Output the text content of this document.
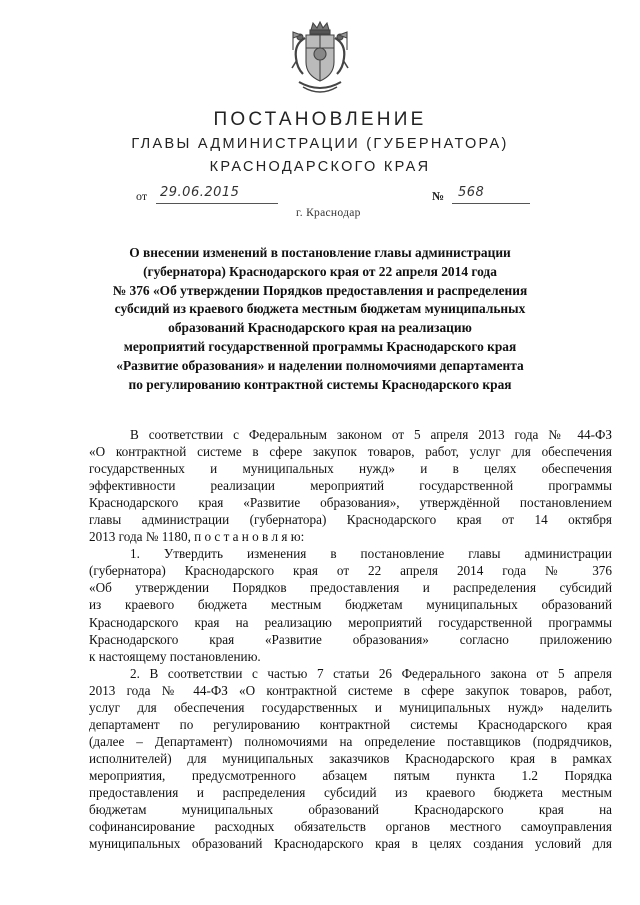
ПОСТАНОВЛЕНИЕ
ГЛАВЫ АДМИНИСТРАЦИИ (ГУБЕРНАТОРА)
КРАСНОДАРСКОГО КРАЯ
от 29.06.2015	№ 568
г. Краснодар
О внесении изменений в постановление главы администрации
(губернатора) Краснодарского края от 22 апреля 2014 года
№ 376 «Об утверждении Порядков предоставления и распределения
субсидий из краевого бюджета местным бюджетам муниципальных
образований Краснодарского края на реализацию
мероприятий государственной программы Краснодарского края
«Развитие образования» и наделении полномочиями департамента
по регулированию контрактной системы Краснодарского края
В соответствии с Федеральным законом от 5 апреля 2013 года № 44-ФЗ
«О контрактной системе в сфере закупок товаров, работ, услуг для обеспечения
государственных и муниципальных нужд» и в целях обеспечения
эффективности реализации мероприятий государственной программы
Краснодарского края «Развитие образования», утверждённой постановлением
главы администрации (губернатора) Краснодарского края от 14 октября
2013 года № 1180, п о с т а н о в л я ю:
1. Утвердить изменения в постановление главы администрации
(губернатора) Краснодарского края от 22 апреля 2014 года № 376
«Об утверждении Порядков предоставления и распределения субсидий
из краевого бюджета местным бюджетам муниципальных образований
Краснодарского края на реализацию мероприятий государственной программы
Краснодарского края «Развитие образования» согласно приложению
к настоящему постановлению.
2. В соответствии с частью 7 статьи 26 Федерального закона от 5 апреля
2013 года № 44-ФЗ «О контрактной системе в сфере закупок товаров, работ,
услуг для обеспечения государственных и муниципальных нужд» наделить
департамент по регулированию контрактной системы Краснодарского края
(далее – Департамент) полномочиями на определение поставщиков (подрядчиков,
исполнителей) для муниципальных заказчиков Краснодарского края в рамках
мероприятия, предусмотренного абзацем пятым пункта 1.2 Порядка
предоставления и распределения субсидий из краевого бюджета местным
бюджетам муниципальных образований Краснодарского края на
софинансирование расходных обязательств органов местного самоуправления
муниципальных образований Краснодарского края в целях создания условий для
